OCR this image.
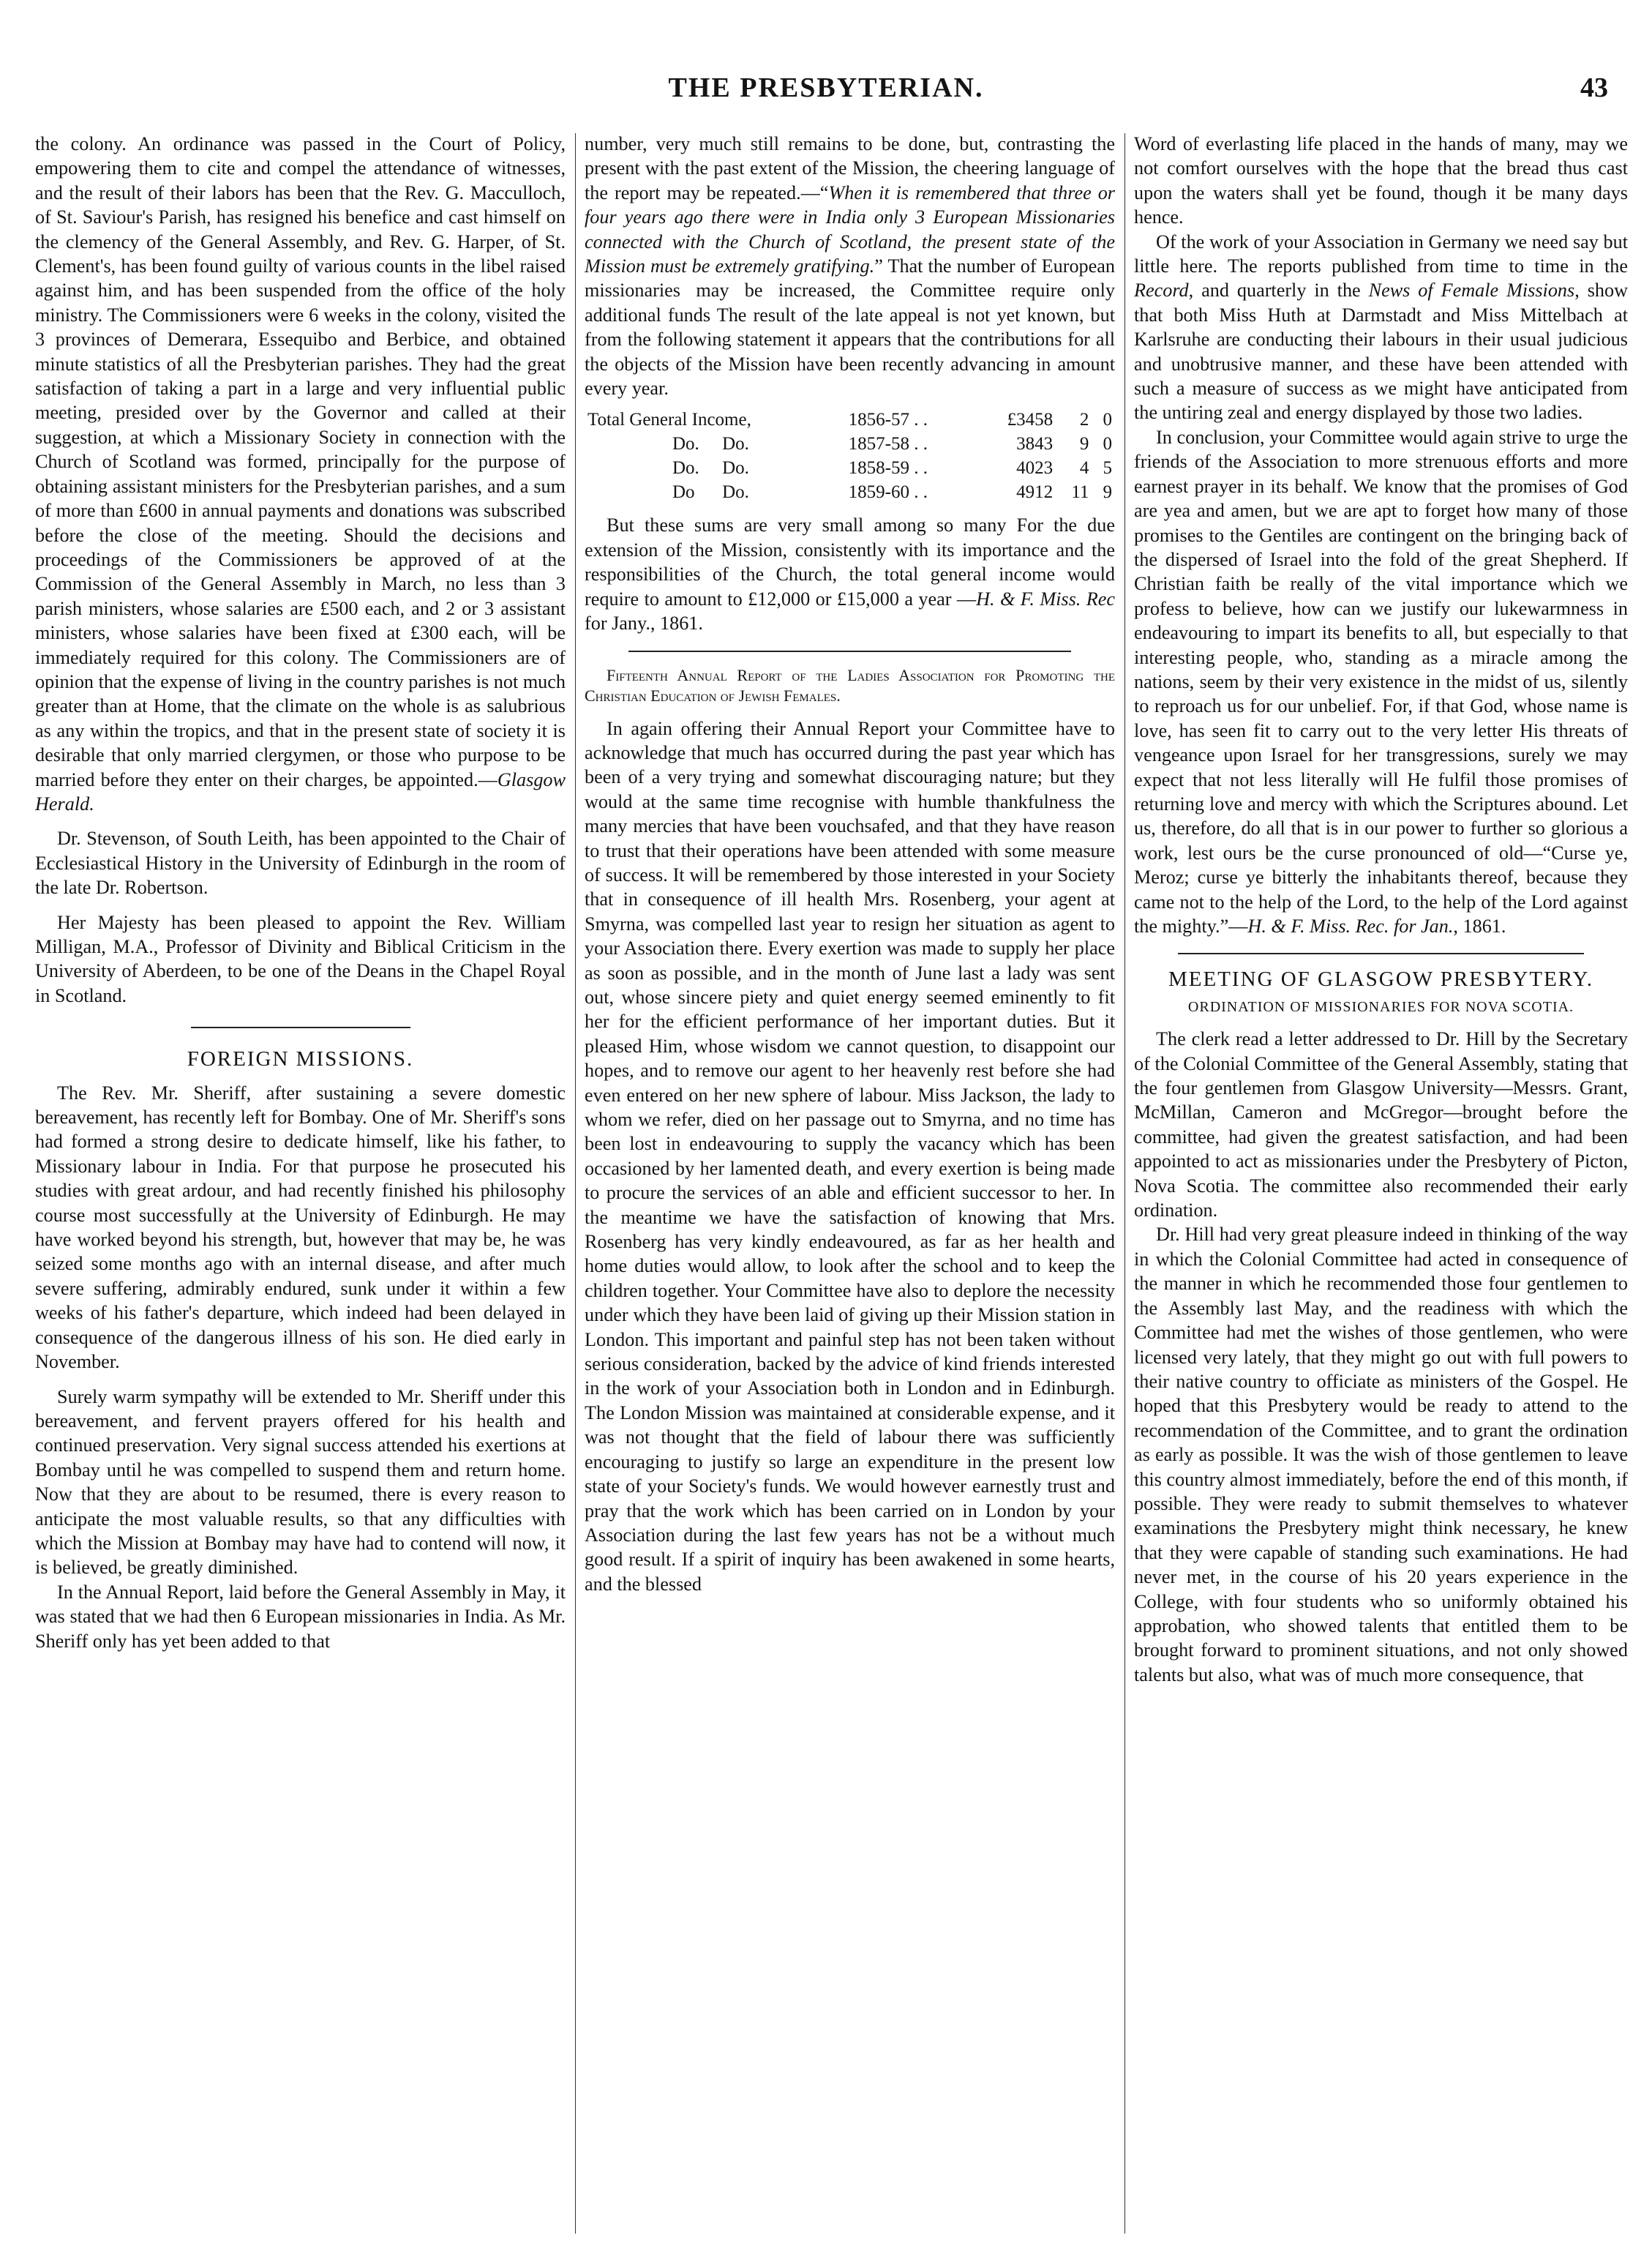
THE PRESBYTERIAN.	43

the colony. An ordinance was passed in the Court of Policy, empowering them to cite and compel the attendance of witnesses, and the result of their labors has been that the Rev. G. Macculloch, of St. Saviour's Parish, has resigned his benefice and cast himself on the clemency of the General Assembly, and Rev. G. Harper, of St. Clement's, has been found guilty of various counts in the libel raised against him, and has been suspended from the office of the holy ministry. The Commissioners were 6 weeks in the colony, visited the 3 provinces of Demerara, Essequibo and Berbice, and obtained minute statistics of all the Presbyterian parishes. They had the great satisfaction of taking a part in a large and very influential public meeting, presided over by the Governor and called at their suggestion, at which a Missionary Society in connection with the Church of Scotland was formed, principally for the purpose of obtaining assistant ministers for the Presbyterian parishes, and a sum of more than £600 in annual payments and donations was subscribed before the close of the meeting. Should the decisions and proceedings of the Commissioners be approved of at the Commission of the General Assembly in March, no less than 3 parish ministers, whose salaries are £500 each, and 2 or 3 assistant ministers, whose salaries have been fixed at £300 each, will be immediately required for this colony. The Commissioners are of opinion that the expense of living in the country parishes is not much greater than at Home, that the climate on the whole is as salubrious as any within the tropics, and that in the present state of society it is desirable that only married clergymen, or those who purpose to be married before they enter on their charges, be appointed.—Glasgow Herald.

Dr. Stevenson, of South Leith, has been appointed to the Chair of Ecclesiastical History in the University of Edinburgh in the room of the late Dr. Robertson.

Her Majesty has been pleased to appoint the Rev. William Milligan, M.A., Professor of Divinity and Biblical Criticism in the University of Aberdeen, to be one of the Deans in the Chapel Royal in Scotland.

FOREIGN MISSIONS.

The Rev. Mr. Sheriff, after sustaining a severe domestic bereavement, has recently left for Bombay. One of Mr. Sheriff's sons had formed a strong desire to dedicate himself, like his father, to Missionary labour in India. For that purpose he prosecuted his studies with great ardour, and had recently finished his philosophy course most successfully at the University of Edinburgh. He may have worked beyond his strength, but, however that may be, he was seized some months ago with an internal disease, and after much severe suffering, admirably endured, sunk under it within a few weeks of his father's departure, which indeed had been delayed in consequence of the dangerous illness of his son. He died early in November.

Surely warm sympathy will be extended to Mr. Sheriff under this bereavement, and fervent prayers offered for his health and continued preservation. Very signal success attended his exertions at Bombay until he was compelled to suspend them and return home. Now that they are about to be resumed, there is every reason to anticipate the most valuable results, so that any difficulties with which the Mission at Bombay may have had to contend will now, it is believed, be greatly diminished.

In the Annual Report, laid before the General Assembly in May, it was stated that we had then 6 European missionaries in India. As Mr. Sheriff only has yet been added to that

number, very much still remains to be done, but, contrasting the present with the past extent of the Mission, the cheering language of the report may be repeated.—“When it is remembered that three or four years ago there were in India only 3 European Missionaries connected with the Church of Scotland, the present state of the Mission must be extremely gratifying.” That the number of European missionaries may be increased, the Committee require only additional funds The result of the late appeal is not yet known, but from the following statement it appears that the contributions for all the objects of the Mission have been recently advancing in amount every year.

Total General Income,	1856-57 . .	£3458	2	0
Do. Do.	1857-58 . .	3843	9	0
Do. Do.	1858-59 . .	4023	4	5
Do Do.	1859-60 . .	4912	11	9

But these sums are very small among so many For the due extension of the Mission, consistently with its importance and the responsibilities of the Church, the total general income would require to amount to £12,000 or £15,000 a year —H. & F. Miss. Rec for Jany., 1861.

Fifteenth Annual Report of the Ladies Association for Promoting the Christian Education of Jewish Females.

In again offering their Annual Report your Committee have to acknowledge that much has occurred during the past year which has been of a very trying and somewhat discouraging nature; but they would at the same time recognise with humble thankfulness the many mercies that have been vouchsafed, and that they have reason to trust that their operations have been attended with some measure of success. It will be remembered by those interested in your Society that in consequence of ill health Mrs. Rosenberg, your agent at Smyrna, was compelled last year to resign her situation as agent to your Association there. Every exertion was made to supply her place as soon as possible, and in the month of June last a lady was sent out, whose sincere piety and quiet energy seemed eminently to fit her for the efficient performance of her important duties. But it pleased Him, whose wisdom we cannot question, to disappoint our hopes, and to remove our agent to her heavenly rest before she had even entered on her new sphere of labour. Miss Jackson, the lady to whom we refer, died on her passage out to Smyrna, and no time has been lost in endeavouring to supply the vacancy which has been occasioned by her lamented death, and every exertion is being made to procure the services of an able and efficient successor to her. In the meantime we have the satisfaction of knowing that Mrs. Rosenberg has very kindly endeavoured, as far as her health and home duties would allow, to look after the school and to keep the children together. Your Committee have also to deplore the necessity under which they have been laid of giving up their Mission station in London. This important and painful step has not been taken without serious consideration, backed by the advice of kind friends interested in the work of your Association both in London and in Edinburgh. The London Mission was maintained at considerable expense, and it was not thought that the field of labour there was sufficiently encouraging to justify so large an expenditure in the present low state of your Society's funds. We would however earnestly trust and pray that the work which has been carried on in London by your Association during the last few years has not be a without much good result. If a spirit of inquiry has been awakened in some hearts, and the blessed

Word of everlasting life placed in the hands of many, may we not comfort ourselves with the hope that the bread thus cast upon the waters shall yet be found, though it be many days hence.

Of the work of your Association in Germany we need say but little here. The reports published from time to time in the Record, and quarterly in the News of Female Missions, show that both Miss Huth at Darmstadt and Miss Mittelbach at Karlsruhe are conducting their labours in their usual judicious and unobtrusive manner, and these have been attended with such a measure of success as we might have anticipated from the untiring zeal and energy displayed by those two ladies.

In conclusion, your Committee would again strive to urge the friends of the Association to more strenuous efforts and more earnest prayer in its behalf. We know that the promises of God are yea and amen, but we are apt to forget how many of those promises to the Gentiles are contingent on the bringing back of the dispersed of Israel into the fold of the great Shepherd. If Christian faith be really of the vital importance which we profess to believe, how can we justify our lukewarmness in endeavouring to impart its benefits to all, but especially to that interesting people, who, standing as a miracle among the nations, seem by their very existence in the midst of us, silently to reproach us for our unbelief. For, if that God, whose name is love, has seen fit to carry out to the very letter His threats of vengeance upon Israel for her transgressions, surely we may expect that not less literally will He fulfil those promises of returning love and mercy with which the Scriptures abound. Let us, therefore, do all that is in our power to further so glorious a work, lest ours be the curse pronounced of old—“Curse ye, Meroz; curse ye bitterly the inhabitants thereof, because they came not to the help of the Lord, to the help of the Lord against the mighty.”—H. & F. Miss. Rec. for Jan., 1861.

MEETING OF GLASGOW PRESBYTERY.
ORDINATION OF MISSIONARIES FOR NOVA SCOTIA.

The clerk read a letter addressed to Dr. Hill by the Secretary of the Colonial Committee of the General Assembly, stating that the four gentlemen from Glasgow University—Messrs. Grant, McMillan, Cameron and McGregor—brought before the committee, had given the greatest satisfaction, and had been appointed to act as missionaries under the Presbytery of Picton, Nova Scotia. The committee also recommended their early ordination.

Dr. Hill had very great pleasure indeed in thinking of the way in which the Colonial Committee had acted in consequence of the manner in which he recommended those four gentlemen to the Assembly last May, and the readiness with which the Committee had met the wishes of those gentlemen, who were licensed very lately, that they might go out with full powers to their native country to officiate as ministers of the Gospel. He hoped that this Presbytery would be ready to attend to the recommendation of the Committee, and to grant the ordination as early as possible. It was the wish of those gentlemen to leave this country almost immediately, before the end of this month, if possible. They were ready to submit themselves to whatever examinations the Presbytery might think necessary, he knew that they were capable of standing such examinations. He had never met, in the course of his 20 years experience in the College, with four students who so uniformly obtained his approbation, who showed talents that entitled them to be brought forward to prominent situations, and not only showed talents but also, what was of much more consequence, that
